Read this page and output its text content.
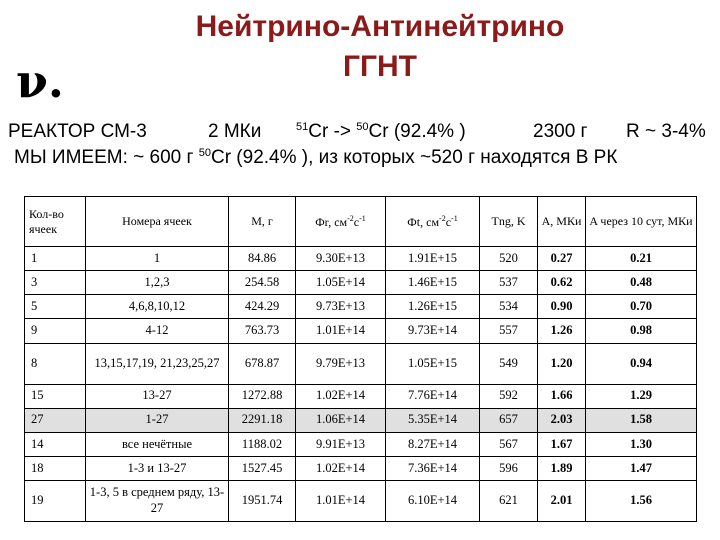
ν.
Нейтрино-Антинейтрино
ГГНТ
РЕАКТОР СМ-3	2 МКи	$^{51}$Cr -> $^{50}$Cr (92.4% )	2300 г R ~ 3-4%
МЫ ИМЕЕМ: ~ 600 г $^{50}$Cr (92.4% ), из которых ~520 г находятся В РК
Кол-во ячеек	Номера ячеек	M, г	Фr, $см^{-2}c^{-1}$	Фt, $см^{-2}c^{-1}$	Tng, K	A, МКи	A через 10 сут, МКи
1	1	84.86	9.30E+13	1.91E+15	520	0.27	0.21
3	1,2,3	254.58	1.05E+14	1.46E+15	537	0.62	0.48
5	4,6,8,10,12	424.29	9.73E+13	1.26E+15	534	0.90	0.70
9	4-12	763.73	1.01E+14	9.73E+14	557	1.26	0.98
8	13,15,17,19, 21,23,25,27	678.87	9.79E+13	1.05E+15	549	1.20	0.94
15	13-27	1272.88	1.02E+14	7.76E+14	592	1.66	1.29
27	1-27	2291.18	1.06E+14	5.35E+14	657	2.03	1.58
14	все нечётные	1188.02	9.91E+13	8.27E+14	567	1.67	1.30
18	1-3 и 13-27	1527.45	1.02E+14	7.36E+14	596	1.89	1.47
19	1-3, 5 в среднем ряду, 13-27	1951.74	1.01E+14	6.10E+14	621	2.01	1.56
